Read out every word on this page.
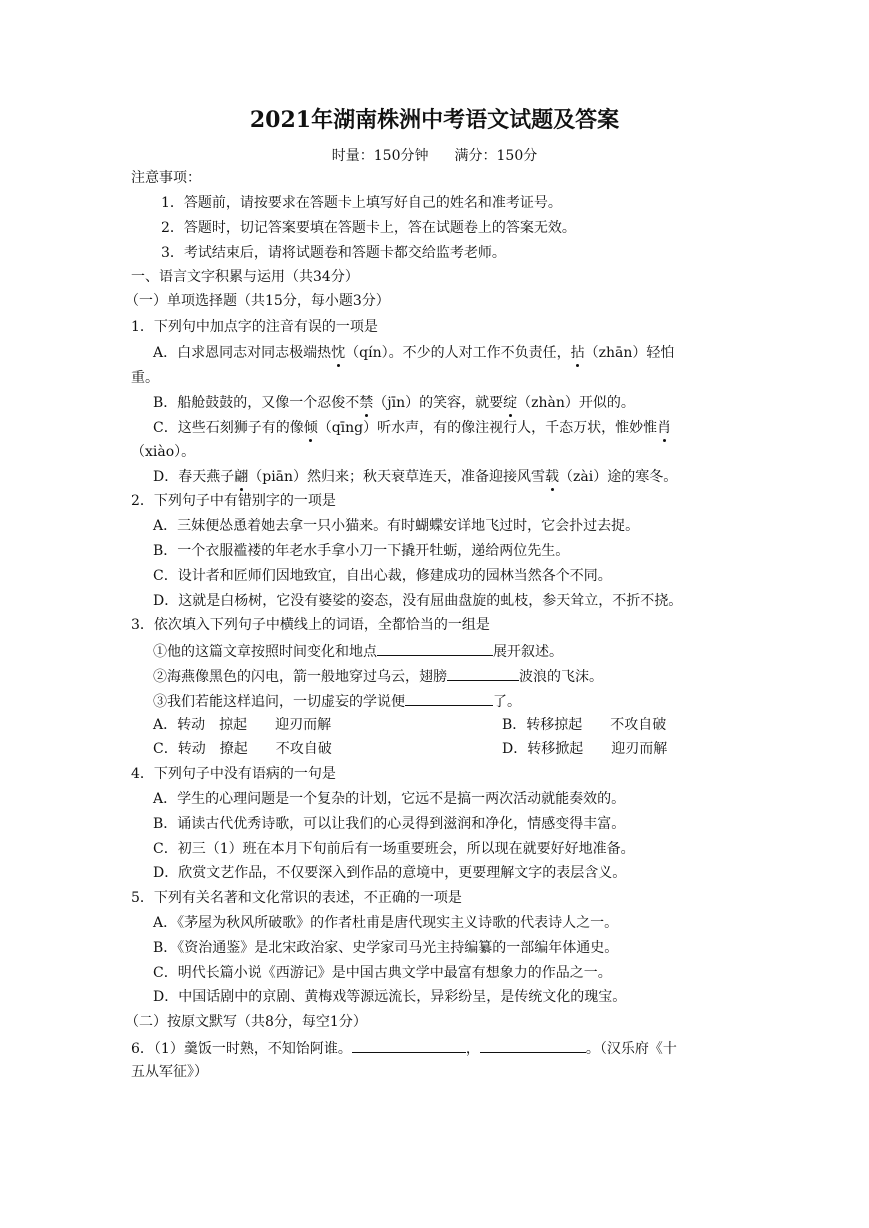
2021年湖南株洲中考语文试题及答案
时量：150分钟 满分：150分
注意事项：
1．答题前，请按要求在答题卡上填写好自己的姓名和准考证号。
2．答题时，切记答案要填在答题卡上，答在试题卷上的答案无效。
3．考试结束后，请将试题卷和答题卡都交给监考老师。
一、语言文字积累与运用（共34分）
（一）单项选择题（共15分，每小题3分）
1．下列句中加点字的注音有误的一项是
A．白求恩同志对同志极端热忱（qín）。不少的人对工作不负责任，拈（zhān）轻怕
重。
B．船舱鼓鼓的，又像一个忍俊不禁（jīn）的笑容，就要绽（zhàn）开似的。
C．这些石刻狮子有的像倾（qīng）听水声，有的像注视行人，千态万状，惟妙惟肖
（xiào）。
D．春天燕子翩（piān）然归来；秋天衰草连天，准备迎接风雪载（zài）途的寒冬。
2．下列句子中有错别字的一项是
A．三妹便怂恿着她去拿一只小猫来。有时蝴蝶安详地飞过时，它会扑过去捉。
B．一个衣服褴褛的年老水手拿小刀一下撬开牡蛎，递给两位先生。
C．设计者和匠师们因地致宜，自出心裁，修建成功的园林当然各个不同。
D．这就是白杨树，它没有婆娑的姿态，没有屈曲盘旋的虬枝，参天耸立，不折不挠。
3．依次填入下列句子中横线上的词语，全都恰当的一组是
①他的这篇文章按照时间变化和地点	展开叙述。
②海燕像黑色的闪电，箭一般地穿过乌云，翅膀	波浪的飞沫。
③我们若能这样追问，一切虚妄的学说便	了。
A．转动　掠起　　迎刃而解	B．转移掠起　　不攻自破
C．转动　撩起　　不攻自破	D．转移掀起　　迎刃而解
4．下列句子中没有语病的一句是
A．学生的心理问题是一个复杂的计划，它远不是搞一两次活动就能奏效的。
B．诵读古代优秀诗歌，可以让我们的心灵得到滋润和净化，情感变得丰富。
C．初三（1）班在本月下旬前后有一场重要班会，所以现在就要好好地准备。
D．欣赏文艺作品，不仅要深入到作品的意境中，更要理解文字的表层含义。
5．下列有关名著和文化常识的表述，不正确的一项是
A．《茅屋为秋风所破歌》的作者杜甫是唐代现实主义诗歌的代表诗人之一。
B．《资治通鉴》是北宋政治家、史学家司马光主持编纂的一部编年体通史。
C．明代长篇小说《西游记》是中国古典文学中最富有想象力的作品之一。
D．中国话剧中的京剧、黄梅戏等源远流长，异彩纷呈，是传统文化的瑰宝。
（二）按原文默写（共8分，每空1分）
6．（1）羹饭一时熟，不知饴阿谁。	，	。（汉乐府《十
五从军征》）
